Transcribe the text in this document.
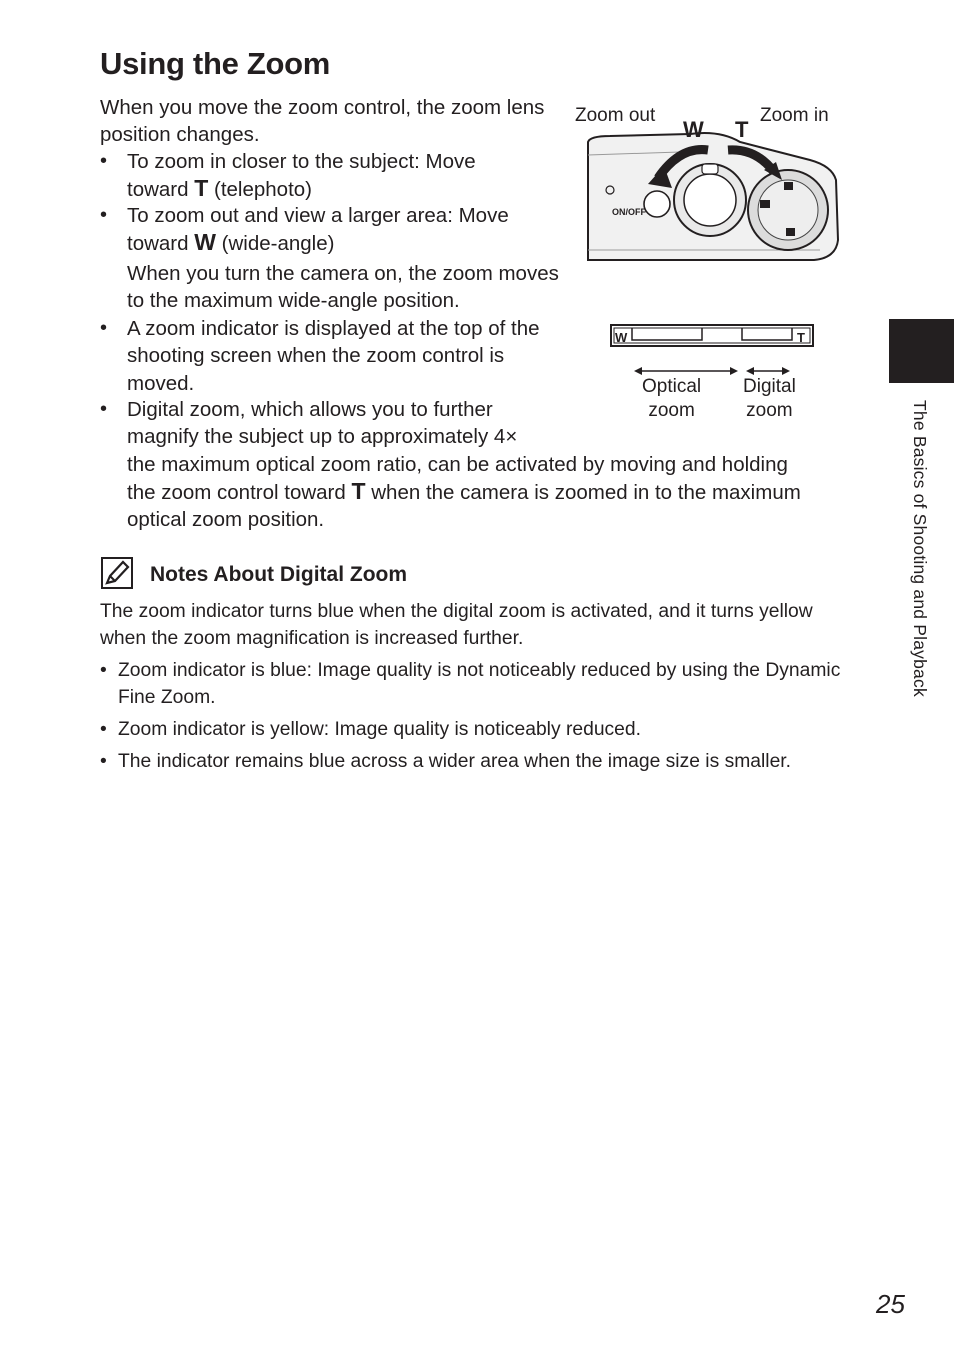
Using the Zoom
When you move the zoom control, the zoom lens position changes.
• To zoom in closer to the subject: Move toward T (telephoto)
• To zoom out and view a larger area: Move toward W (wide-angle)
When you turn the camera on, the zoom moves to the maximum wide-angle position.
• A zoom indicator is displayed at the top of the shooting screen when the zoom control is moved.
• Digital zoom, which allows you to further
magnify the subject up to approximately 4×
the maximum optical zoom ratio, can be activated by moving and holding
the zoom control toward T when the camera is zoomed in to the maximum
optical zoom position.
Zoom out	Zoom in
ON/OFF
W T
W	T
Optical
zoom
Digital
zoom	The Basics of Shooting and Playback
Notes About Digital Zoom
The zoom indicator turns blue when the digital zoom is activated, and it turns yellow when the zoom magnification is increased further.
• Zoom indicator is blue: Image quality is not noticeably reduced by using the Dynamic Fine Zoom.
• Zoom indicator is yellow: Image quality is noticeably reduced.
• The indicator remains blue across a wider area when the image size is smaller.
25
